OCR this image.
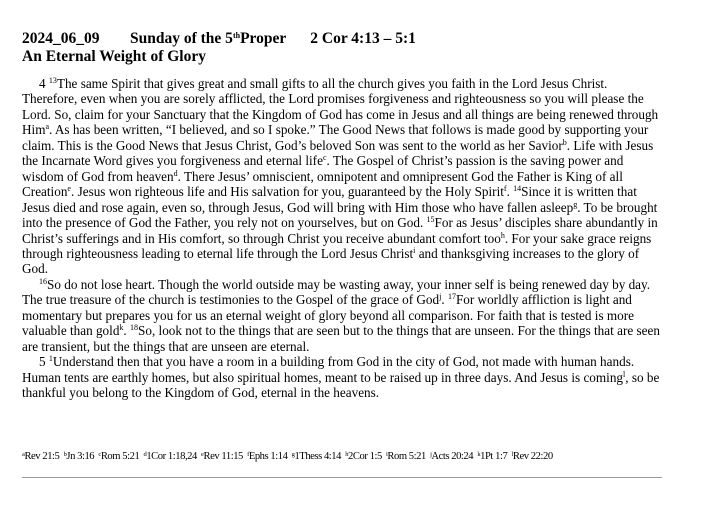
2024_06_09 Sunday of the 5thProper 2 Cor 4:13 – 5:1
An Eternal Weight of Glory

4 $^{13}$The same Spirit that gives great and small gifts to all the church gives you faith in the Lord Jesus Christ. Therefore, even when you are sorely afflicted, the Lord promises forgiveness and righteousness so you will please the Lord. So, claim for your Sanctuary that the Kingdom of God has come in Jesus and all things are being renewed through Him$^a$. As has been written, “I believed, and so I spoke.” The Good News that follows is made good by supporting your claim. This is the Good News that Jesus Christ, God’s beloved Son was sent to the world as her Savior$^b$. Life with Jesus the Incarnate Word gives you forgiveness and eternal life$^c$. The Gospel of Christ’s passion is the saving power and wisdom of God from heaven$^d$. There Jesus’ omniscient, omnipotent and omnipresent God the Father is King of all Creation$^e$. Jesus won righteous life and His salvation for you, guaranteed by the Holy Spirit$^f$. $^{14}$Since it is written that Jesus died and rose again, even so, through Jesus, God will bring with Him those who have fallen asleep$^g$. To be brought into the presence of God the Father, you rely not on yourselves, but on God. $^{15}$For as Jesus’ disciples share abundantly in Christ’s sufferings and in His comfort, so through Christ you receive abundant comfort too$^h$. For your sake grace reigns through righteousness leading to eternal life through the Lord Jesus Christ$^i$ and thanksgiving increases to the glory of God.

$^{16}$So do not lose heart. Though the world outside may be wasting away, your inner self is being renewed day by day. The true treasure of the church is testimonies to the Gospel of the grace of God$^j$. $^{17}$For worldly affliction is light and momentary but prepares you for us an eternal weight of glory beyond all comparison. For faith that is tested is more valuable than gold$^k$. $^{18}$So, look not to the things that are seen but to the things that are unseen. For the things that are seen are transient, but the things that are unseen are eternal.

5 $^1$Understand then that you have a room in a building from God in the city of God, not made with human hands. Human tents are earthly homes, but also spiritual homes, meant to be raised up in three days. And Jesus is coming$^l$, so be thankful you belong to the Kingdom of God, eternal in the heavens.

$^a$Rev 21:5 $^b$Jn 3:16 $^c$Rom 5:21 $^d$1Cor 1:18,24 $^e$Rev 11:15 $^f$Ephs 1:14 $^g$1Thess 4:14 $^h$2Cor 1:5 $^i$Rom 5:21 $^j$Acts 20:24 $^k$1Pt 1:7 $^l$Rev 22:20
